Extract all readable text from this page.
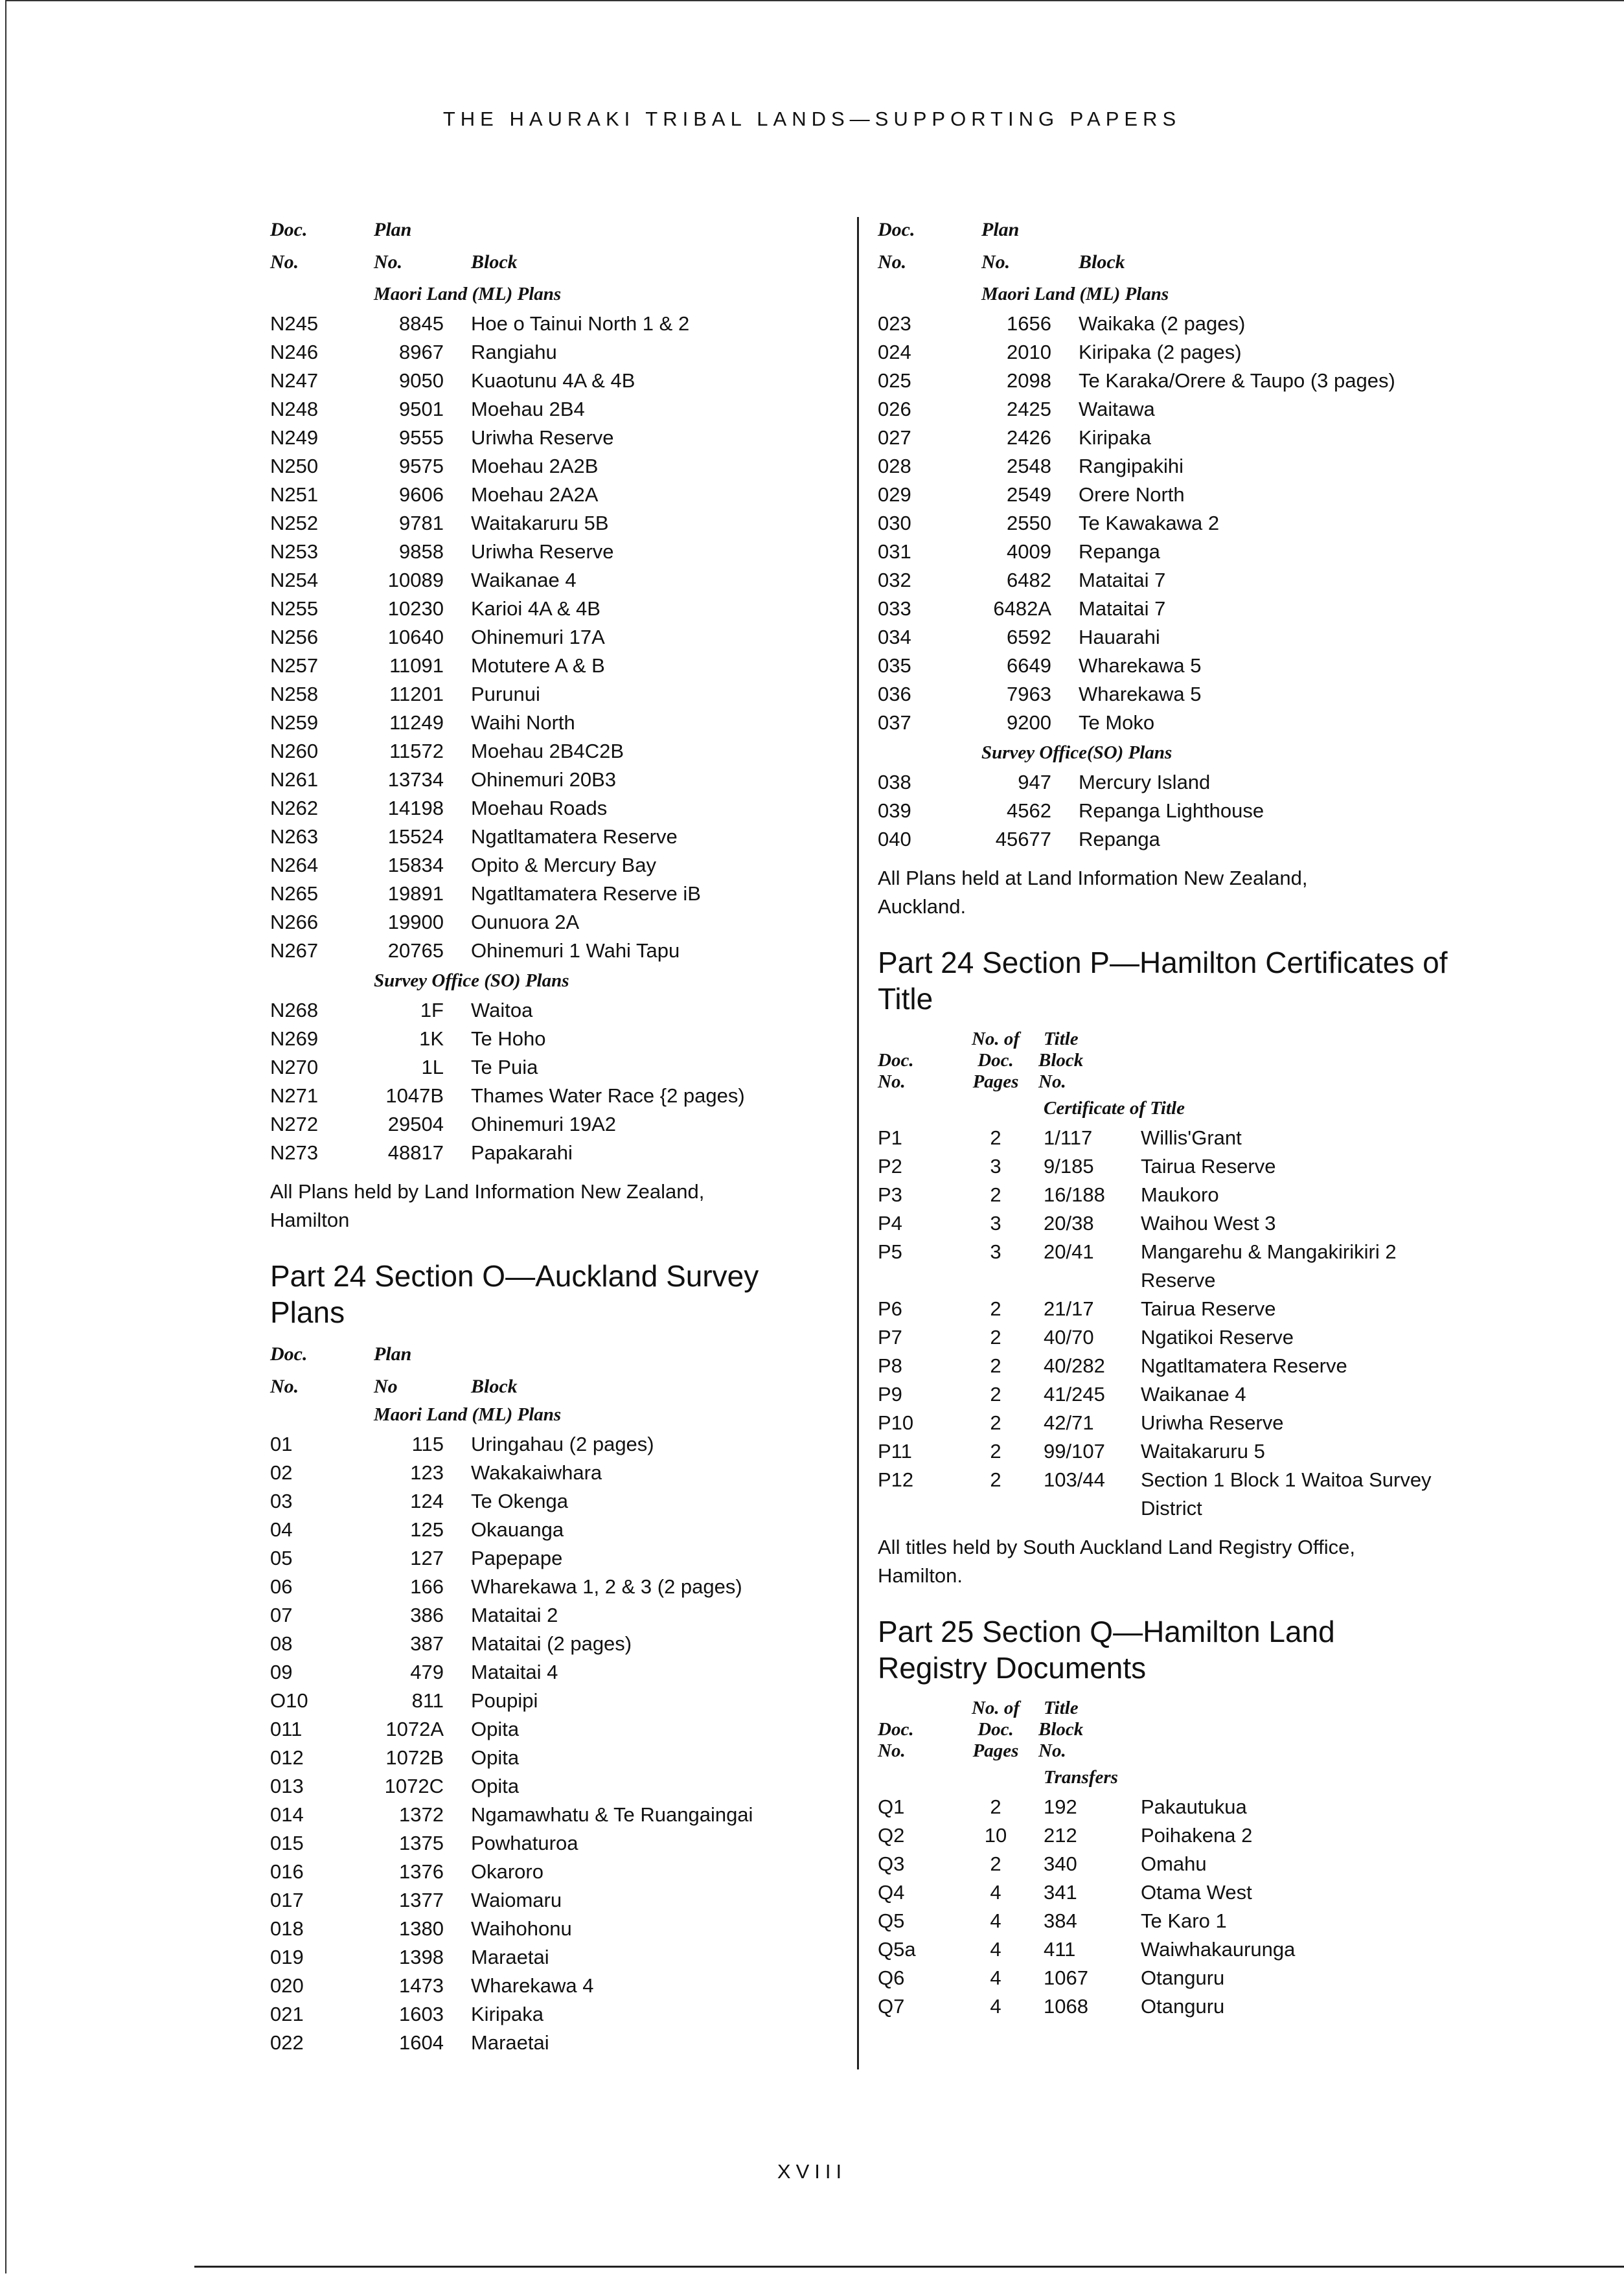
THE HAURAKI TRIBAL LANDS—SUPPORTING PAPERS
Doc.	Plan	
No.	No.	Block
	Maori Land (ML) Plans	
N245	8845	Hoe o Tainui North 1 & 2
N246	8967	Rangiahu
N247	9050	Kuaotunu 4A & 4B
N248	9501	Moehau 2B4
N249	9555	Uriwha Reserve
N250	9575	Moehau 2A2B
N251	9606	Moehau 2A2A
N252	9781	Waitakaruru 5B
N253	9858	Uriwha Reserve
N254	10089	Waikanae 4
N255	10230	Karioi 4A & 4B
N256	10640	Ohinemuri 17A
N257	11091	Motutere A & B
N258	11201	Purunui
N259	11249	Waihi North
N260	11572	Moehau 2B4C2B
N261	13734	Ohinemuri 20B3
N262	14198	Moehau Roads
N263	15524	Ngatltamatera Reserve
N264	15834	Opito & Mercury Bay
N265	19891	Ngatltamatera Reserve iB
N266	19900	Ounuora 2A
N267	20765	Ohinemuri 1 Wahi Tapu
	Survey Office (SO) Plans	
N268	1F	Waitoa
N269	1K	Te Hoho
N270	1L	Te Puia
N271	1047B	Thames Water Race {2 pages)
N272	29504	Ohinemuri 19A2
N273	48817	Papakarahi

All Plans held by Land Information New Zealand, Hamilton

Part 24 Section O—Auckland Survey Plans
Doc.	Plan	
No.	No	Block
	Maori Land (ML) Plans	
01	115	Uringahau (2 pages)
02	123	Wakakaiwhara
03	124	Te Okenga
04	125	Okauanga
05	127	Papepape
06	166	Wharekawa 1, 2 & 3 (2 pages)
07	386	Mataitai 2
08	387	Mataitai (2 pages)
09	479	Mataitai 4
O10	811	Poupipi
011	1072A	Opita
012	1072B	Opita
013	1072C	Opita
014	1372	Ngamawhatu & Te Ruangaingai
015	1375	Powhaturoa
016	1376	Okaroro
017	1377	Waiomaru
018	1380	Waihohonu
019	1398	Maraetai
020	1473	Wharekawa 4
021	1603	Kiripaka
022	1604	Maraetai
Doc.	Plan	
No.	No.	Block
	Maori Land (ML) Plans	
023	1656	Waikaka (2 pages)
024	2010	Kiripaka (2 pages)
025	2098	Te Karaka/Orere & Taupo (3 pages)
026	2425	Waitawa
027	2426	Kiripaka
028	2548	Rangipakihi
029	2549	Orere North
030	2550	Te Kawakawa 2
031	4009	Repanga
032	6482	Mataitai 7
033	6482A	Mataitai 7
034	6592	Hauarahi
035	6649	Wharekawa 5
036	7963	Wharekawa 5
037	9200	Te Moko
	Survey Office(SO) Plans	
038	947	Mercury Island
039	4562	Repanga Lighthouse
040	45677	Repanga

All Plans held at Land Information New Zealand, Auckland.

Part 24 Section P—Hamilton Certificates of Title
	No. of	Title	
Doc.	Doc.	Block	
No.	Pages	No.	
		Certificate of Title	
P1	2	1/117	Willis'Grant
P2	3	9/185	Tairua Reserve
P3	2	16/188	Maukoro
P4	3	20/38	Waihou West 3
P5	3	20/41	Mangarehu & Mangakirikiri 2 Reserve
P6	2	21/17	Tairua Reserve
P7	2	40/70	Ngatikoi Reserve
P8	2	40/282	Ngatltamatera Reserve
P9	2	41/245	Waikanae 4
P10	2	42/71	Uriwha Reserve
P11	2	99/107	Waitakaruru 5
P12	2	103/44	Section 1 Block 1 Waitoa Survey District

All titles held by South Auckland Land Registry Office, Hamilton.

Part 25 Section Q—Hamilton Land Registry Documents
	No. of	Title	
Doc.	Doc.	Block	
No.	Pages	No.	
		Transfers	
Q1	2	192	Pakautukua
Q2	10	212	Poihakena 2
Q3	2	340	Omahu
Q4	4	341	Otama West
Q5	4	384	Te Karo 1
Q5a	4	411	Waiwhakaurunga
Q6	4	1067	Otanguru
Q7	4	1068	Otanguru
XVIII
